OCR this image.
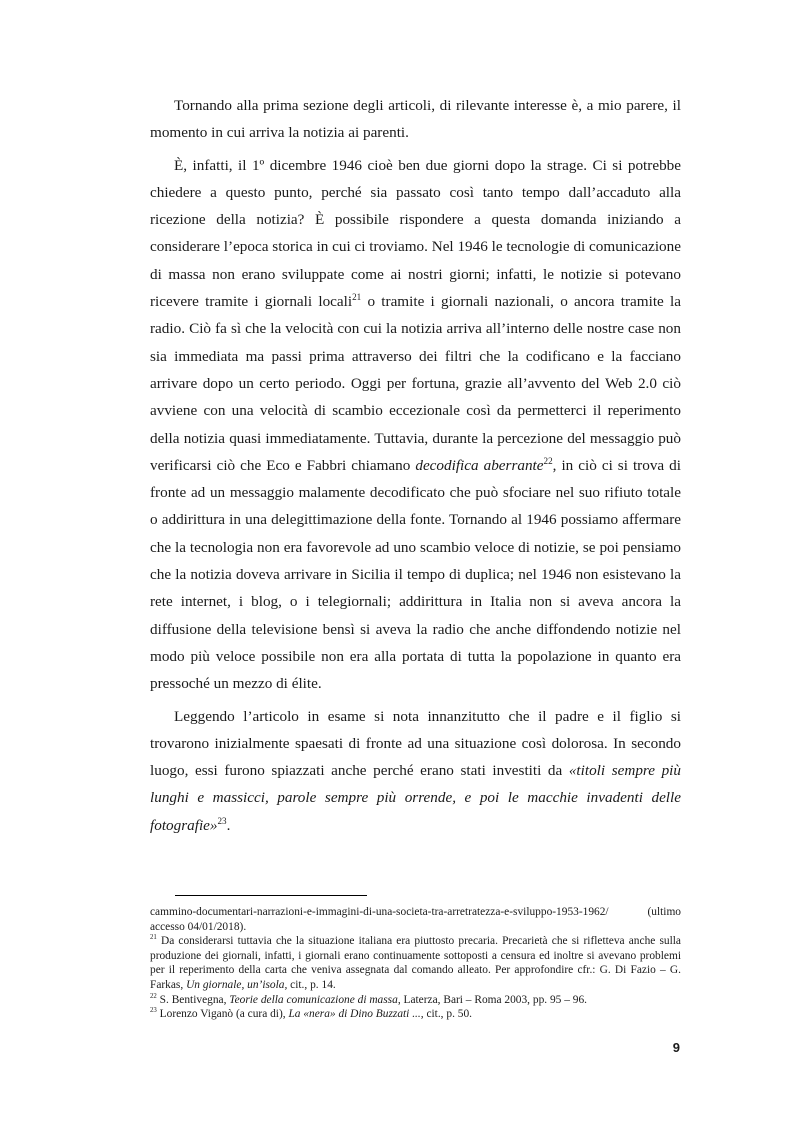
Tornando alla prima sezione degli articoli, di rilevante interesse è, a mio parere, il momento in cui arriva la notizia ai parenti.

È, infatti, il 1º dicembre 1946 cioè ben due giorni dopo la strage. Ci si potrebbe chiedere a questo punto, perché sia passato così tanto tempo dall’accaduto alla ricezione della notizia? È possibile rispondere a questa domanda iniziando a considerare l’epoca storica in cui ci troviamo. Nel 1946 le tecnologie di comunicazione di massa non erano sviluppate come ai nostri giorni; infatti, le notizie si potevano ricevere tramite i giornali locali$^{21}$ o tramite i giornali nazionali, o ancora tramite la radio. Ciò fa sì che la velocità con cui la notizia arriva all’interno delle nostre case non sia immediata ma passi prima attraverso dei filtri che la codificano e la facciano arrivare dopo un certo periodo. Oggi per fortuna, grazie all’avvento del Web 2.0 ciò avviene con una velocità di scambio eccezionale così da permetterci il reperimento della notizia quasi immediatamente. Tuttavia, durante la percezione del messaggio può verificarsi ciò che Eco e Fabbri chiamano decodifica aberrante$^{22}$, in ciò ci si trova di fronte ad un messaggio malamente decodificato che può sfociare nel suo rifiuto totale o addirittura in una delegittimazione della fonte. Tornando al 1946 possiamo affermare che la tecnologia non era favorevole ad uno scambio veloce di notizie, se poi pensiamo che la notizia doveva arrivare in Sicilia il tempo di duplica; nel 1946 non esistevano la rete internet, i blog, o i telegiornali; addirittura in Italia non si aveva ancora la diffusione della televisione bensì si aveva la radio che anche diffondendo notizie nel modo più veloce possibile non era alla portata di tutta la popolazione in quanto era pressoché un mezzo di élite.

Leggendo l’articolo in esame si nota innanzitutto che il padre e il figlio si trovarono inizialmente spaesati di fronte ad una situazione così dolorosa. In secondo luogo, essi furono spiazzati anche perché erano stati investiti da «titoli sempre più lunghi e massicci, parole sempre più orrende, e poi le macchie invadenti delle fotografie»$^{23}$.

cammino-documentari-narrazioni-e-immagini-di-una-societa-tra-arretratezza-e-sviluppo-1953-1962/ (ultimo accesso 04/01/2018).

$^{21}$ Da considerarsi tuttavia che la situazione italiana era piuttosto precaria. Precarietà che si rifletteva anche sulla produzione dei giornali, infatti, i giornali erano continuamente sottoposti a censura ed inoltre si avevano problemi per il reperimento della carta che veniva assegnata dal comando alleato. Per approfondire cfr.: G. Di Fazio – G. Farkas, Un giornale, un’isola, cit., p. 14.

$^{22}$ S. Bentivegna, Teorie della comunicazione di massa, Laterza, Bari – Roma 2003, pp. 95 – 96.

$^{23}$ Lorenzo Viganò (a cura di), La «nera» di Dino Buzzati ..., cit., p. 50.

9
